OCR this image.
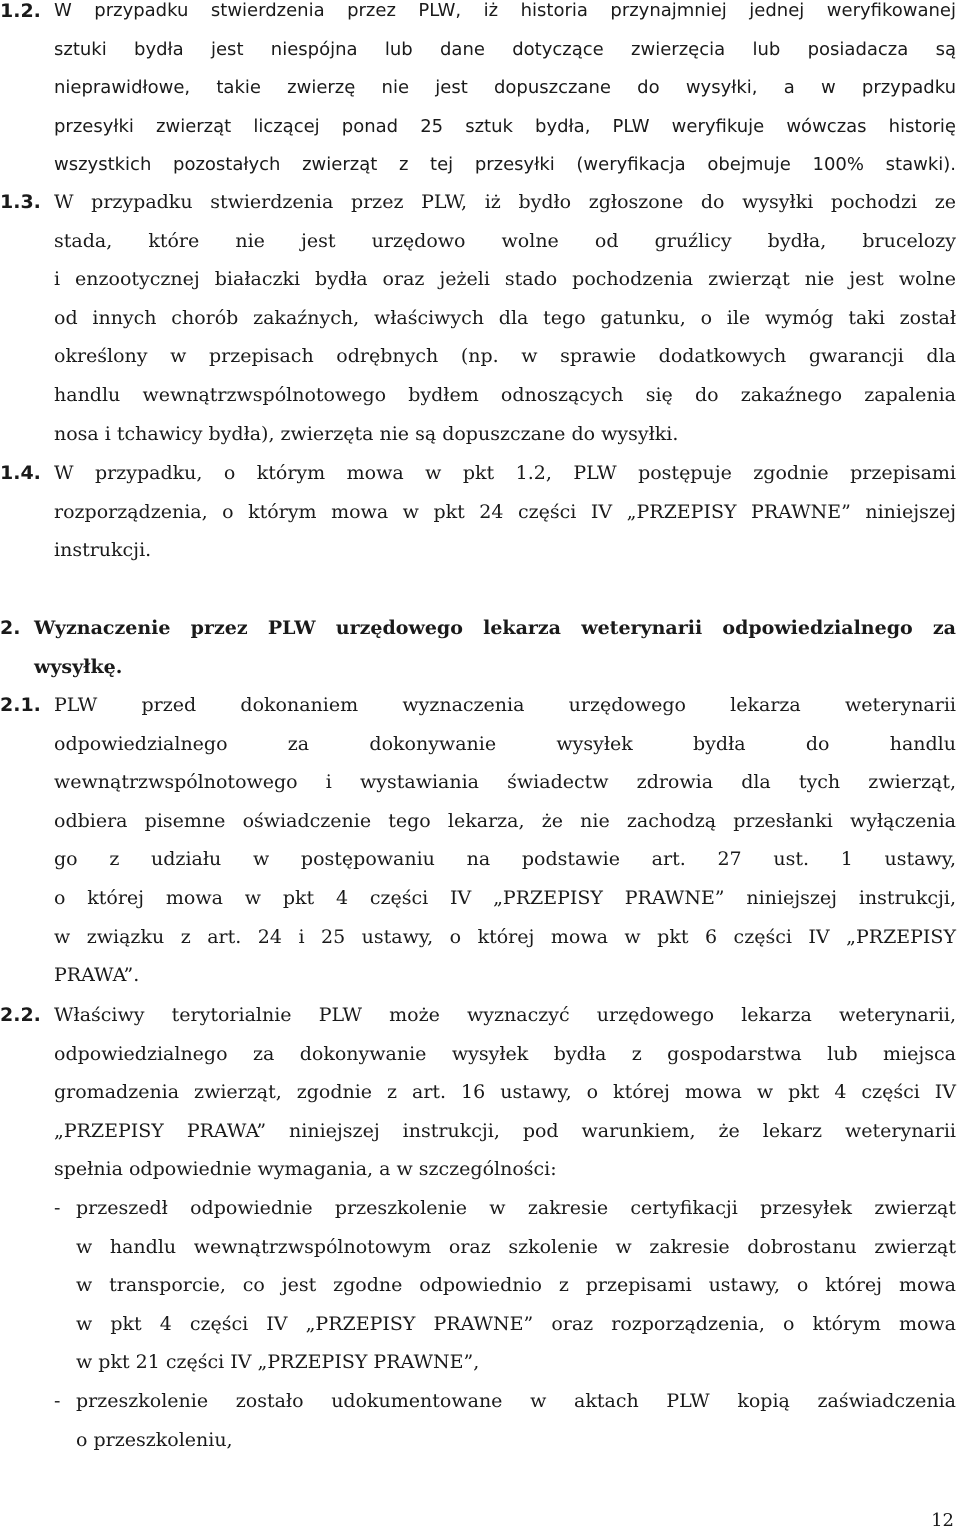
1.2. W przypadku stwierdzenia przez PLW, iż historia przynajmniej jednej weryfikowanej
sztuki bydła jest niespójna lub dane dotyczące zwierzęcia lub posiadacza są
nieprawidłowe, takie zwierzę nie jest dopuszczane do wysyłki, a w przypadku
przesyłki zwierząt liczącej ponad 25 sztuk bydła, PLW weryfikuje wówczas historię
wszystkich pozostałych zwierząt z tej przesyłki (weryfikacja obejmuje 100% stawki).
1.3. W przypadku stwierdzenia przez PLW, iż bydło zgłoszone do wysyłki pochodzi ze
stada, które nie jest urzędowo wolne od gruźlicy bydła, brucelozy
i enzootycznej białaczki bydła oraz jeżeli stado pochodzenia zwierząt nie jest wolne
od innych chorób zakaźnych, właściwych dla tego gatunku, o ile wymóg taki został
określony w przepisach odrębnych (np. w sprawie dodatkowych gwarancji dla
handlu wewnątrzwspólnotowego bydłem odnoszących się do zakaźnego zapalenia
nosa i tchawicy bydła), zwierzęta nie są dopuszczane do wysyłki.
1.4. W przypadku, o którym mowa w pkt 1.2, PLW postępuje zgodnie przepisami
rozporządzenia, o którym mowa w pkt 24 części IV „PRZEPISY PRAWNE” niniejszej
instrukcji.
2. Wyznaczenie przez PLW urzędowego lekarza weterynarii odpowiedzialnego za
wysyłkę.
2.1. PLW przed dokonaniem wyznaczenia urzędowego lekarza weterynarii
odpowiedzialnego za dokonywanie wysyłek bydła do handlu
wewnątrzwspólnotowego i wystawiania świadectw zdrowia dla tych zwierząt,
odbiera pisemne oświadczenie tego lekarza, że nie zachodzą przesłanki wyłączenia
go z udziału w postępowaniu na podstawie art. 27 ust. 1 ustawy,
o której mowa w pkt 4 części IV „PRZEPISY PRAWNE” niniejszej instrukcji,
w związku z art. 24 i 25 ustawy, o której mowa w pkt 6 części IV „PRZEPISY
PRAWA”.
2.2. Właściwy terytorialnie PLW może wyznaczyć urzędowego lekarza weterynarii,
odpowiedzialnego za dokonywanie wysyłek bydła z gospodarstwa lub miejsca
gromadzenia zwierząt, zgodnie z art. 16 ustawy, o której mowa w pkt 4 części IV
„PRZEPISY PRAWA” niniejszej instrukcji, pod warunkiem, że lekarz weterynarii
spełnia odpowiednie wymagania, a w szczególności:
- przeszedł odpowiednie przeszkolenie w zakresie certyfikacji przesyłek zwierząt
w handlu wewnątrzwspólnotowym oraz szkolenie w zakresie dobrostanu zwierząt
w transporcie, co jest zgodne odpowiednio z przepisami ustawy, o której mowa
w pkt 4 części IV „PRZEPISY PRAWNE” oraz rozporządzenia, o którym mowa
w pkt 21 części IV „PRZEPISY PRAWNE”,
- przeszkolenie zostało udokumentowane w aktach PLW kopią zaświadczenia
o przeszkoleniu,
12
